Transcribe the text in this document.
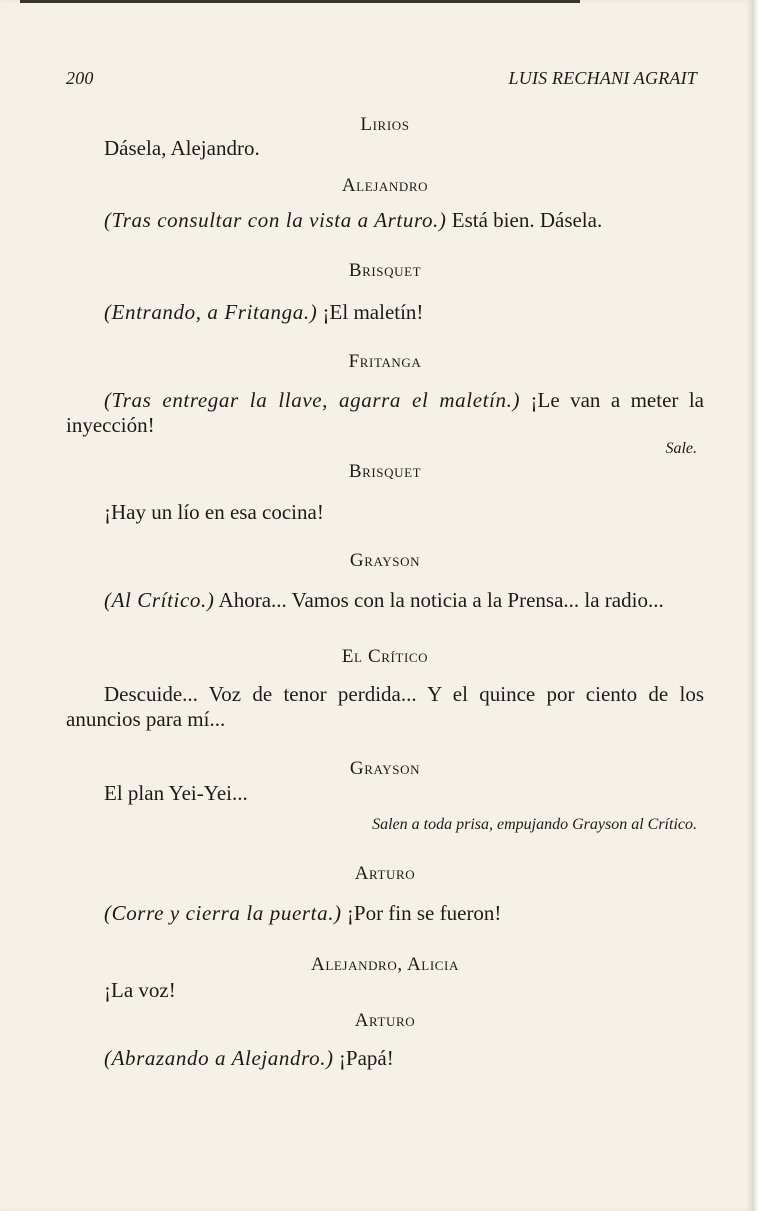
200	LUIS RECHANI AGRAIT
Lirios
Dásela, Alejandro.
Alejandro
(Tras consultar con la vista a Arturo.) Está bien. Dásela.
Brisquet
(Entrando, a Fritanga.) ¡El maletín!
Fritanga
(Tras entregar la llave, agarra el maletín.) ¡Le van a meter la inyección!
Sale.
Brisquet
¡Hay un lío en esa cocina!
Grayson
(Al Crítico.) Ahora... Vamos con la noticia a la Prensa... la radio...
El Crítico
Descuide... Voz de tenor perdida... Y el quince por ciento de los anuncios para mí...
Grayson
El plan Yei-Yei...
Salen a toda prisa, empujando Grayson al Crítico.
Arturo
(Corre y cierra la puerta.) ¡Por fin se fueron!
Alejandro, Alicia
¡La voz!
Arturo
(Abrazando a Alejandro.) ¡Papá!
